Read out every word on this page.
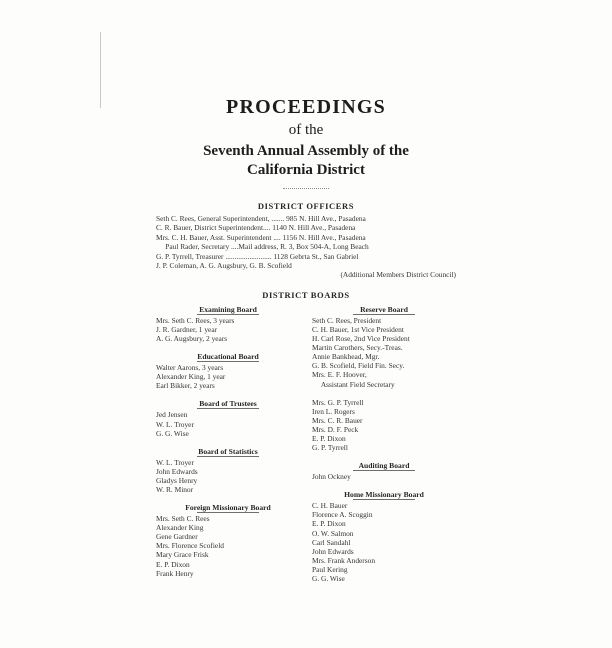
PROCEEDINGS
of the
Seventh Annual Assembly of the
California District
DISTRICT OFFICERS
Seth C. Rees, General Superintendent, ....... 985 N. Hill Ave., Pasadena
C. R. Bauer, District Superintendent.... 1140 N. Hill Ave., Pasadena
Mrs. C. H. Bauer, Asst. Superintendent .... 1156 N. Hill Ave., Pasadena
Paul Rader, Secretary ....Mail address, R. 3, Box 504-A, Long Beach
G. P. Tyrrell, Treasurer ......................... 1128 Gebrta St., San Gabriel
J. P. Coleman, A. G. Augsbury, G. B. Scofield
(Additional Members District Council)
DISTRICT BOARDS
Examining Board
Mrs. Seth C. Rees, 3 years
J. R. Gardner, 1 year
A. G. Augsbury, 2 years
Educational Board
Walter Aarons, 3 years
Alexander King, 1 year
Earl Bikker, 2 years
Board of Trustees
Jed Jensen
W. L. Troyer
G. G. Wise
Board of Statistics
W. L. Troyer
John Edwards
Gladys Henry
W. R. Minor
Foreign Missionary Board
Mrs. Seth C. Rees
Alexander King
Gene Gardner
Mrs. Florence Scofield
Mary Grace Frisk
E. P. Dixon
Frank Henry
Reserve Board
Seth C. Rees, President
C. H. Bauer, 1st Vice President
H. Carl Rose, 2nd Vice President
Martin Carothers, Secy.-Treas.
Annie Bankhead, Mgr.
G. B. Scofield, Field Fin. Secy.
Mrs. E. F. Hoover,
Assistant Field Secretary
Mrs. G. P. Tyrrell
Iren L. Rogers
Mrs. C. R. Bauer
Mrs. D. F. Peck
E. P. Dixon
G. P. Tyrrell
Auditing Board
John Ockney
Home Missionary Board
C. H. Bauer
Florence A. Scoggin
E. P. Dixon
O. W. Salmon
Carl Sandahl
John Edwards
Mrs. Frank Anderson
Paul Kering
G. G. Wise
